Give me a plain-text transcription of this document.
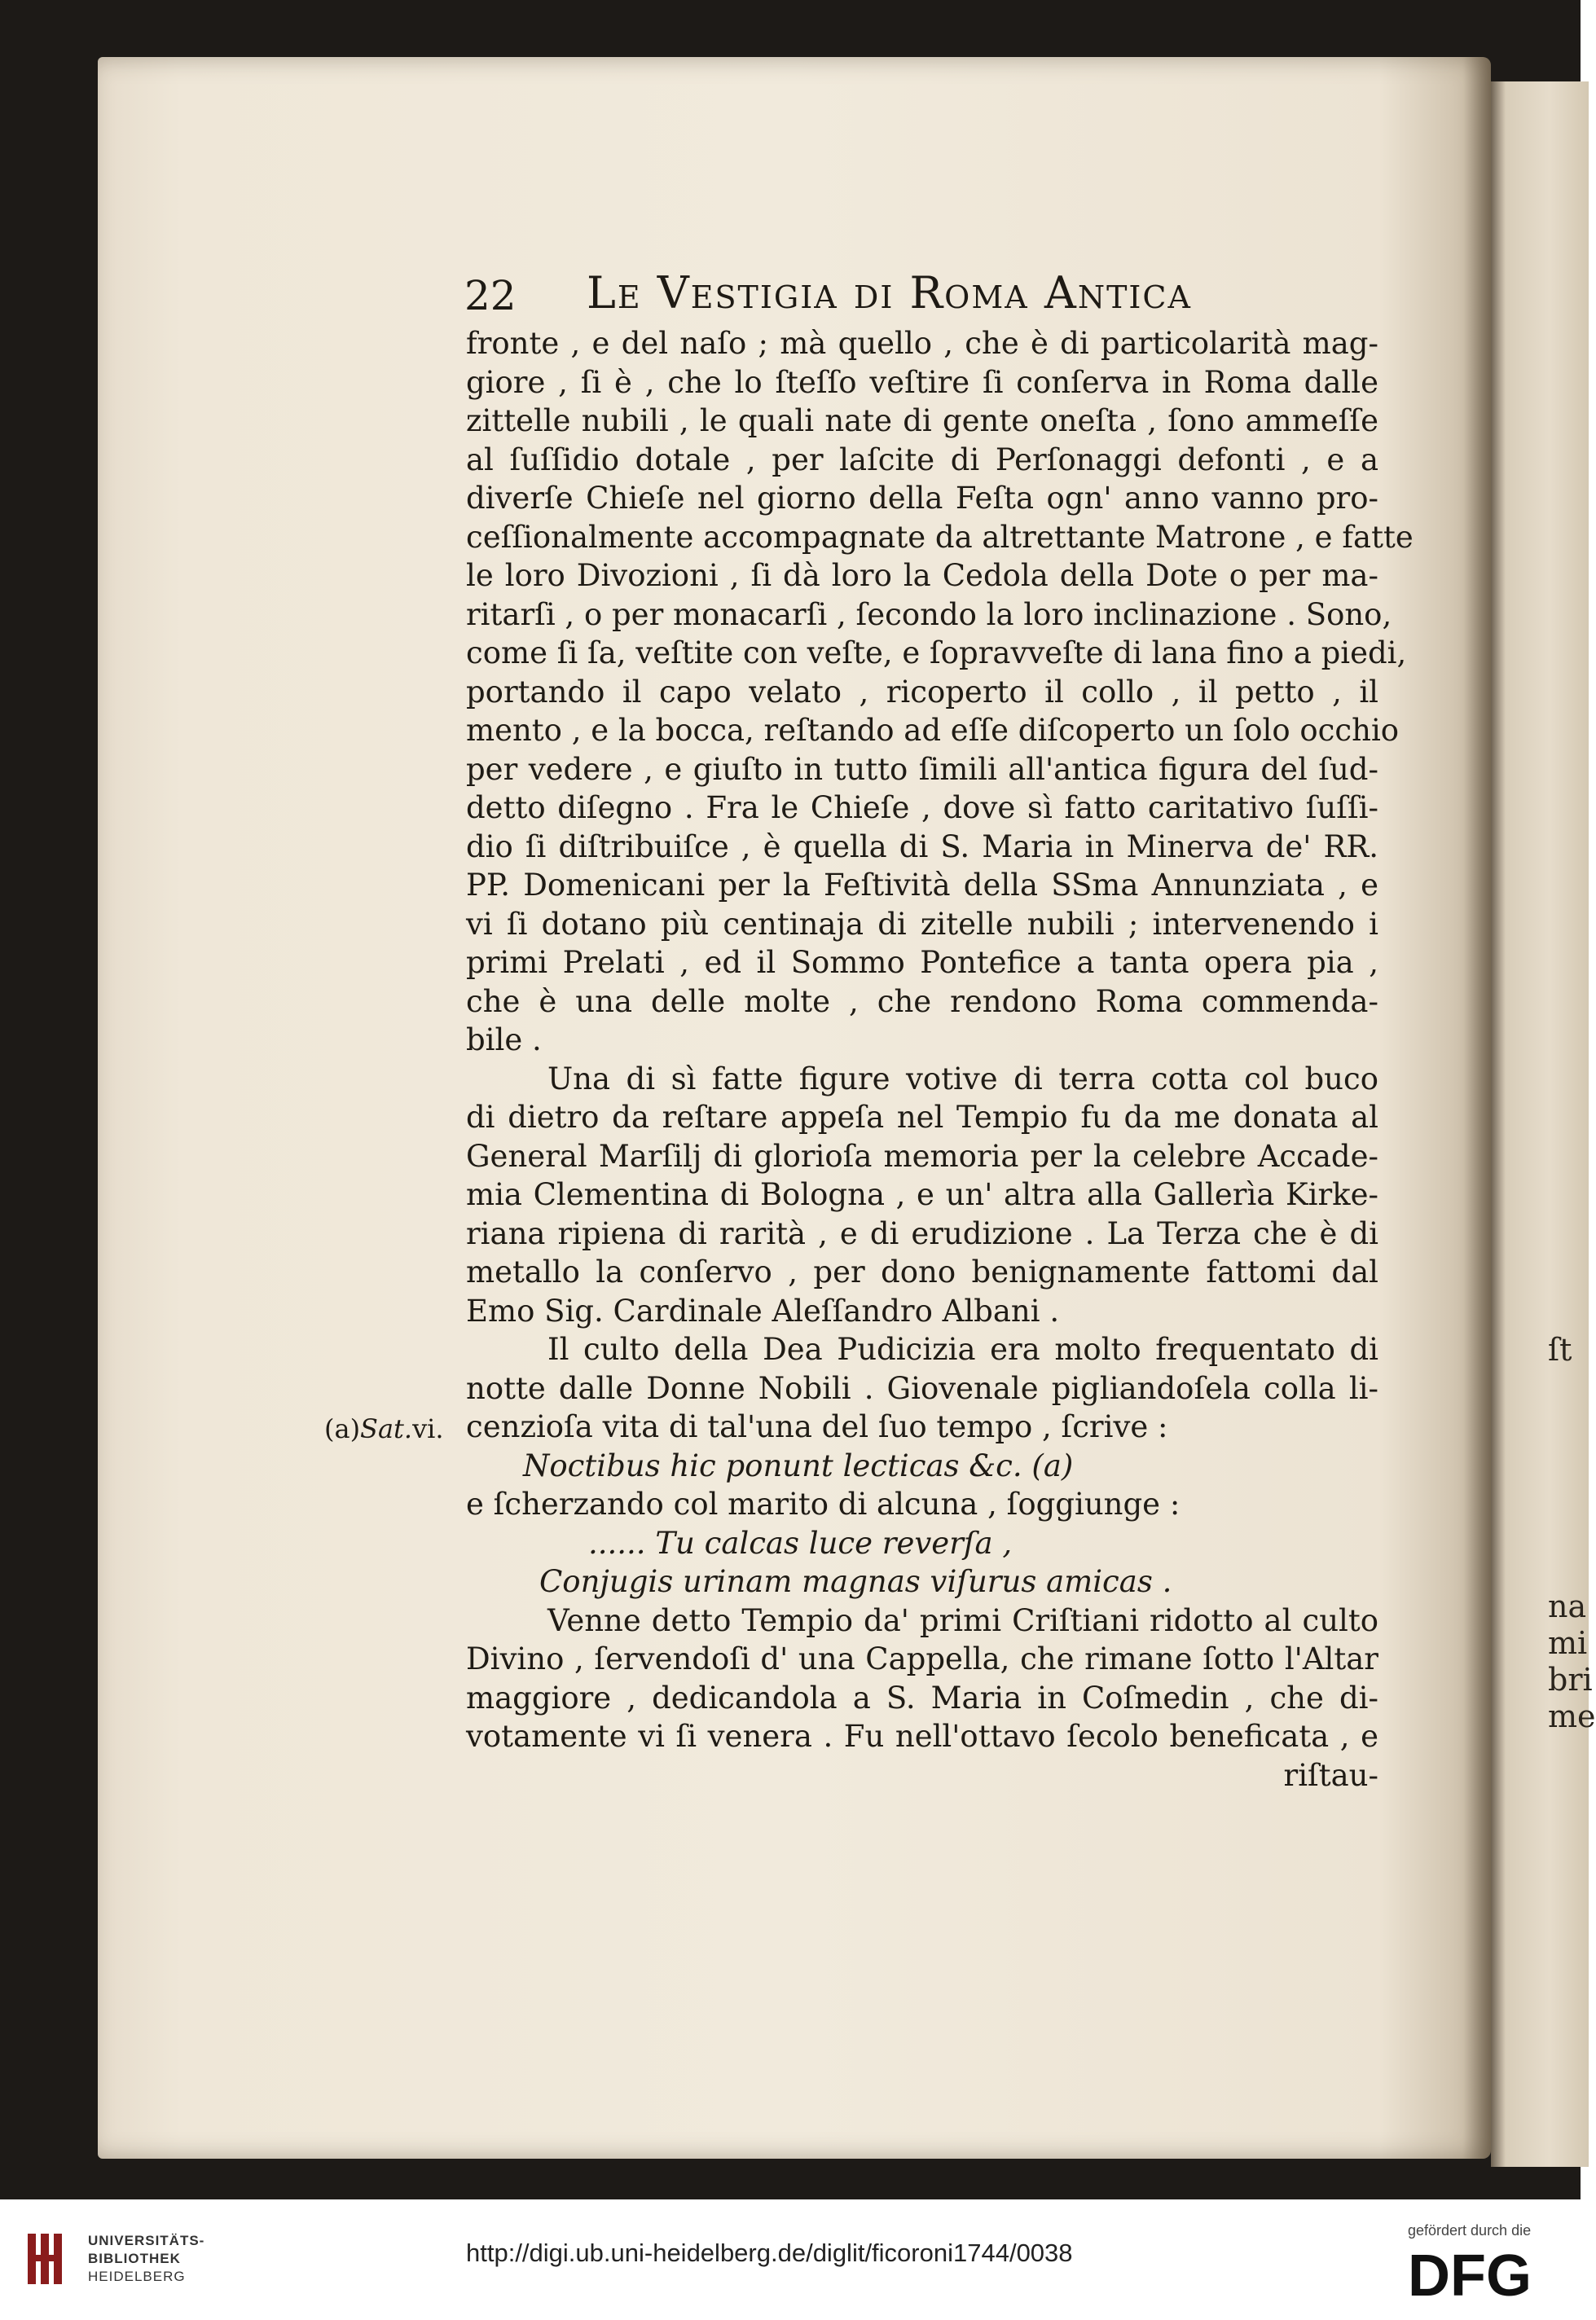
ſt
na
mi
bri
me
22 Le Vestigia di Roma Antica
(a)Sat.vi.
fronte , e del naſo ; mà quello , che è di particolarità mag-
giore , ſi è , che lo ſteſſo veſtire ſi conſerva in Roma dalle
zittelle nubili , le quali nate di gente oneſta , ſono ammeſſe
al ſuſſidio dotale , per laſcite di Perſonaggi defonti , e a
diverſe Chieſe nel giorno della Feſta ogn' anno vanno pro-
ceſſionalmente accompagnate da altrettante Matrone , e fatte
le loro Divozioni , ſi dà loro la Cedola della Dote o per ma-
ritarſi , o per monacarſi , ſecondo la loro inclinazione . Sono,
come ſi ſa, veſtite con veſte, e ſopravveſte di lana fino a piedi,
portando il capo velato , ricoperto il collo , il petto , il
mento , e la bocca, reſtando ad eſſe diſcoperto un ſolo occhio
per vedere , e giuſto in tutto ſimili all'antica figura del ſud-
detto diſegno . Fra le Chieſe , dove sì fatto caritativo ſuſſi-
dio ſi diſtribuiſce , è quella di S. Maria in Minerva de' RR.
PP. Domenicani per la Feſtività della SSma Annunziata , e
vi ſi dotano più centinaja di zitelle nubili ; intervenendo i
primi Prelati , ed il Sommo Pontefice a tanta opera pia ,
che è una delle molte , che rendono Roma commenda-
bile .
Una di sì fatte figure votive di terra cotta col buco
di dietro da reſtare appeſa nel Tempio fu da me donata al
General Marſilj di glorioſa memoria per la celebre Accade-
mia Clementina di Bologna , e un' altra alla Gallerìa Kirke-
riana ripiena di rarità , e di erudizione . La Terza che è di
metallo la conſervo , per dono benignamente fattomi dal
Emo Sig. Cardinale Aleſſandro Albani .
Il culto della Dea Pudicizia era molto frequentato di
notte dalle Donne Nobili . Giovenale pigliandoſela colla li-
cenzioſa vita di tal'una del ſuo tempo , ſcrive :
Noctibus hic ponunt lecticas &c. (a)
e ſcherzando col marito di alcuna , ſoggiunge :
...... Tu calcas luce reverſa ,
Conjugis urinam magnas viſurus amicas .
Venne detto Tempio da' primi Criſtiani ridotto al culto
Divino , ſervendoſi d' una Cappella, che rimane ſotto l'Altar
maggiore , dedicandola a S. Maria in Coſmedin , che di-
votamente vi ſi venera . Fu nell'ottavo ſecolo beneficata , e
riſtau-
UNIVERSITÄTS-
BIBLIOTHEK
HEIDELBERG
http://digi.ub.uni-heidelberg.de/diglit/ficoroni1744/0038
gefördert durch die
DFG
